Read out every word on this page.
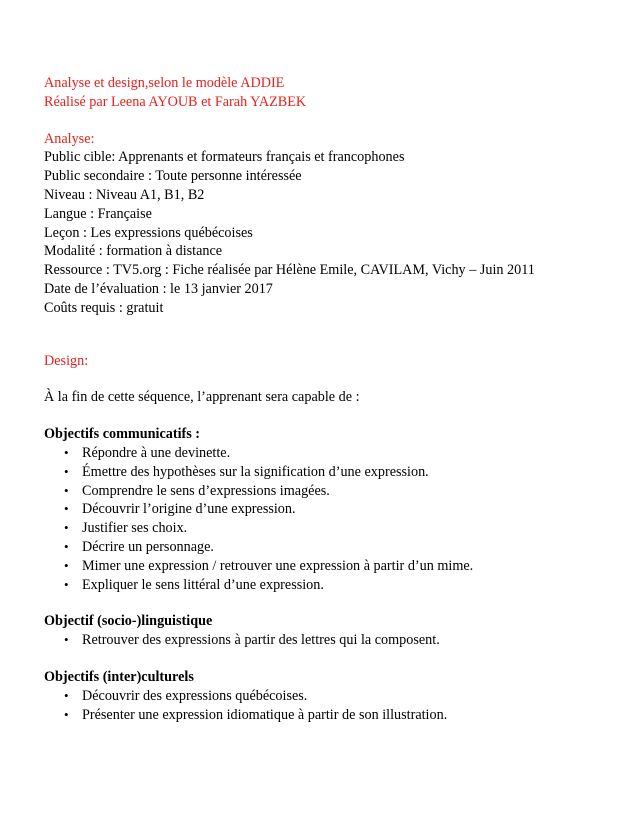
Analyse et design,selon le modèle ADDIE
Réalisé par Leena AYOUB et Farah YAZBEK
Analyse:
Public cible: Apprenants et formateurs français et francophones
Public secondaire : Toute personne intéressée
Niveau : Niveau A1, B1, B2
Langue : Française
Leçon : Les expressions québécoises
Modalité : formation à distance
Ressource : TV5.org : Fiche réalisée par Hélène Emile, CAVILAM, Vichy – Juin 2011
Date de l’évaluation : le 13 janvier 2017
Coûts requis : gratuit
Design:
À la fin de cette séquence, l’apprenant sera capable de :
Objectifs communicatifs :
• Répondre à une devinette.
• Émettre des hypothèses sur la signification d’une expression.
• Comprendre le sens d’expressions imagées.
• Découvrir l’origine d’une expression.
• Justifier ses choix.
• Décrire un personnage.
• Mimer une expression / retrouver une expression à partir d’un mime.
• Expliquer le sens littéral d’une expression.
Objectif (socio-)linguistique
• Retrouver des expressions à partir des lettres qui la composent.
Objectifs (inter)culturels
• Découvrir des expressions québécoises.
• Présenter une expression idiomatique à partir de son illustration.
